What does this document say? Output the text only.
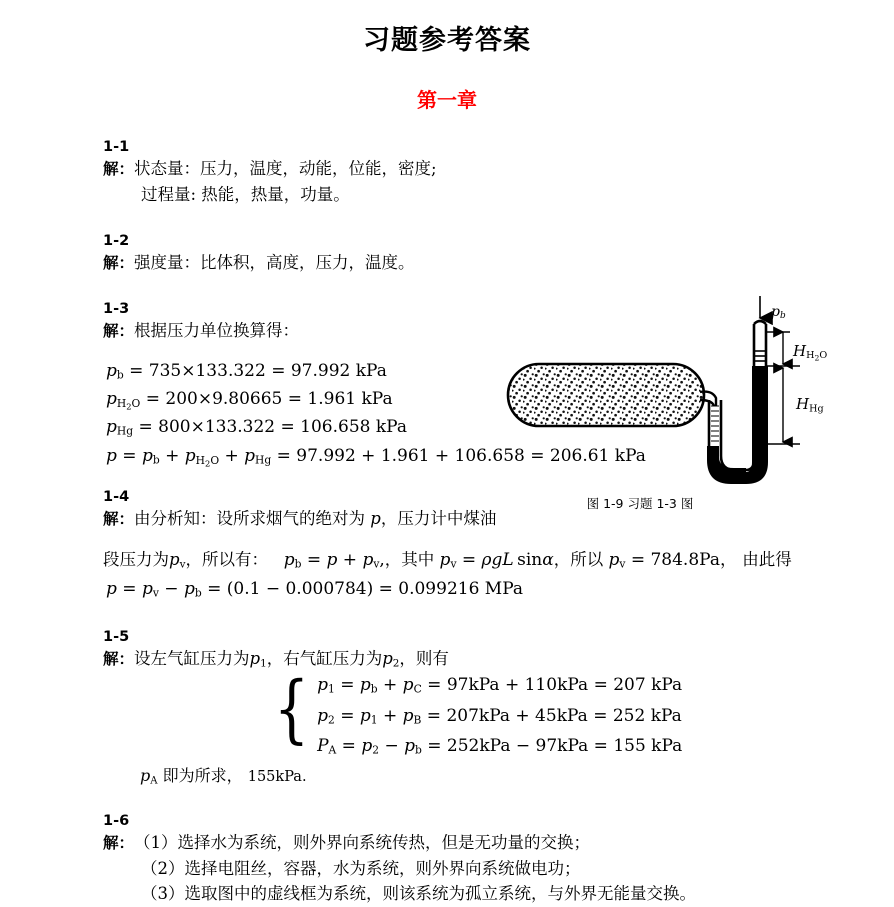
习题参考答案
第一章
1-1
解： 状态量：压力，温度，动能，位能，密度;
过程量: 热能，热量，功量。
1-2
解： 强度量：比体积，高度，压力，温度。
1-3
解： 根据压力单位换算得：
$p_b = 735\times 133.322 = 97.992$ kPa
$p_{H_2O} = 200\times 9.80665 = 1.961$ kPa
$p_{Hg} = 800\times 133.322 = 106.658$ kPa
$p = p_b + p_{H_2O} + p_{Hg} = 97.992 + 1.961 + 106.658 = 206.61$ kPa
1-4
解： 由分析知：设所求烟气的绝对为 p，压力计中煤油
段压力为$p_v$，所以有： $p_b = p + p_v$,，其中 $p_v = \rho gL$  sinα，所以 $p_v = 784.8Pa$， 由此得
$p = p_v - p_b = (0.1 - 0.000784) = 0.099216$ MPa
1-5
解： 设左气缸压力为$p_1$，右气缸压力为$p_2$，则有
{ $p_1 = p_b + p_C = 97kPa + 110kPa = 207$ kPa
$p_2 = p_1 + p_B = 207kPa + 45kPa = 252$ kPa
$P_A = p_2 - p_b = 252kPa - 97kPa = 155$ kPa
$p_A$ 即为所求， 155kPa.
1-6
解： （1）选择水为系统，则外界向系统传热，但是无功量的交换；
（2）选择电阻丝，容器，水为系统，则外界向系统做电功；
（3）选取图中的虚线框为系统，则该系统为孤立系统，与外界无能量交换。
$p_b$
$H_{H_2O}$
$H_{Hg}$
图 1-9 习题 1-3 图
